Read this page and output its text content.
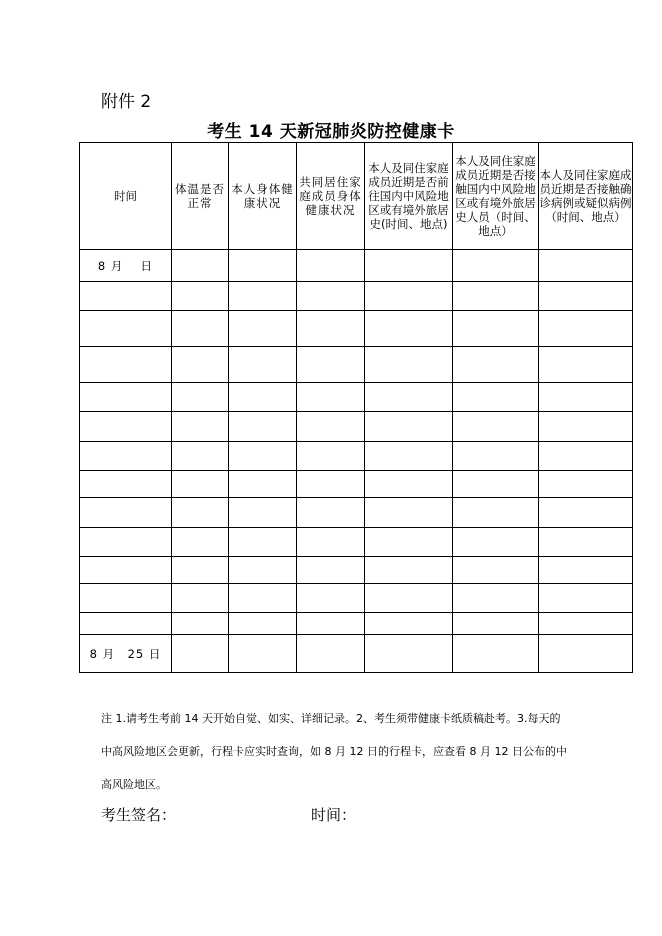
附件 2
考生 14 天新冠肺炎防控健康卡
时间	体温是否正常	本人身体健康状况	共同居住家庭成员身体健康状况	本人及同住家庭成员近期是否前往国内中风险地区或有境外旅居史(时间、地点)	本人及同住家庭成员近期是否接触国内中风险地区或有境外旅居史人员（时间、地点）	本人及同住家庭成员近期是否接触确诊病例或疑似病例（时间、地点）
8 月　 日						

8 月　25 日						
注 1.请考生考前 14 天开始自觉、如实、详细记录。2、考生须带健康卡纸质稿赴考。3.每天的中高风险地区会更新，行程卡应实时查询，如 8 月 12 日的行程卡，应查看 8 月 12 日公布的中高风险地区。
考生签名：	时间：
